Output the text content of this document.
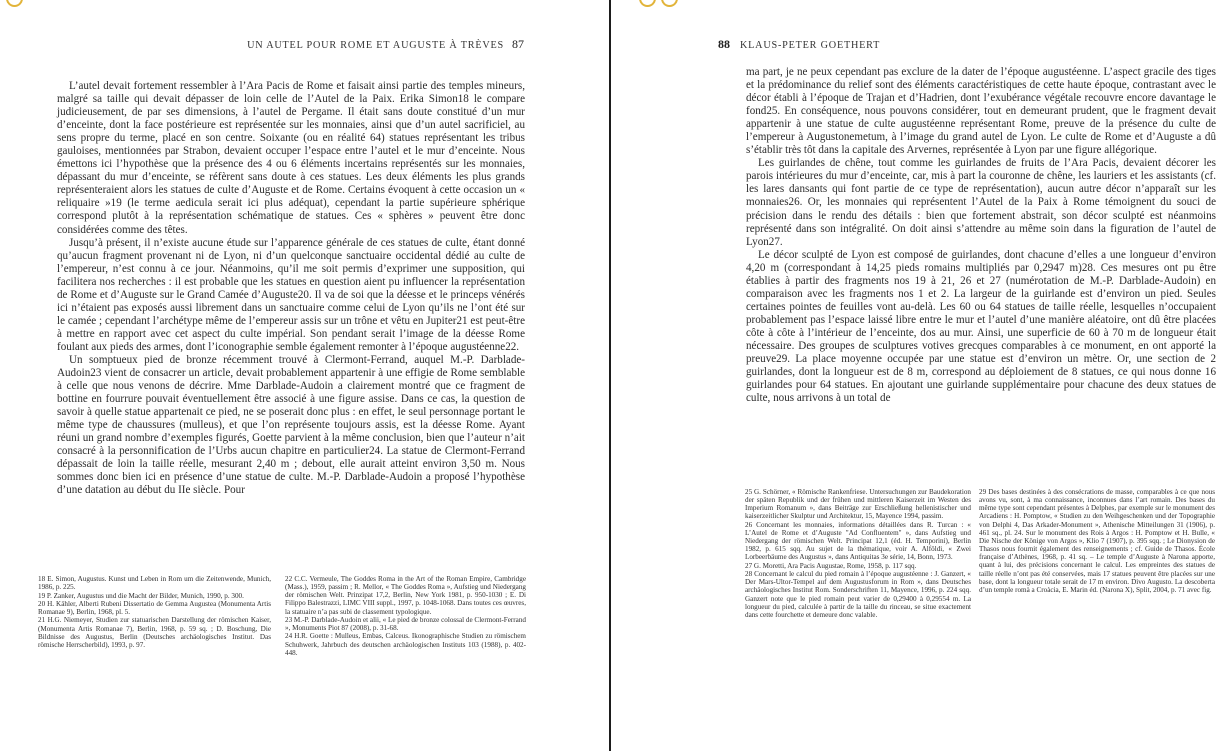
UN AUTEL POUR ROME ET AUGUSTE À TRÈVES 87

L’autel devait fortement ressembler à l’Ara Pacis de Rome et faisait ainsi partie des temples mineurs, malgré sa taille qui devait dépasser de loin celle de l’Autel de la Paix. Erika Simon18 le compare judicieusement, de par ses dimensions, à l’autel de Pergame. Il était sans doute constitué d’un mur d’enceinte, dont la face postérieure est représentée sur les monnaies, ainsi que d’un autel sacrificiel, au sens propre du terme, placé en son centre. Soixante (ou en réalité 64) statues représentant les tribus gauloises, mentionnées par Strabon, devaient occuper l’espace entre l’autel et le mur d’enceinte. Nous émettons ici l’hypothèse que la présence des 4 ou 6 éléments incertains représentés sur les monnaies, dépassant du mur d’enceinte, se réfèrent sans doute à ces statues. Les deux éléments les plus grands représenteraient alors les statues de culte d’Auguste et de Rome. Certains évoquent à cette occasion un « reliquaire »19 (le terme aedicula serait ici plus adéquat), cependant la partie supérieure sphérique correspond plutôt à la représentation schématique de statues. Ces « sphères » peuvent être donc considérées comme des têtes.

Jusqu’à présent, il n’existe aucune étude sur l’apparence générale de ces statues de culte, étant donné qu’aucun fragment provenant ni de Lyon, ni d’un quelconque sanctuaire occidental dédié au culte de l’empereur, n’est connu à ce jour. Néanmoins, qu’il me soit permis d’exprimer une supposition, qui facilitera nos recherches : il est probable que les statues en question aient pu influencer la représentation de Rome et d’Auguste sur le Grand Camée d’Auguste20. Il va de soi que la déesse et le princeps vénérés ici n’étaient pas exposés aussi librement dans un sanctuaire comme celui de Lyon qu’ils ne l’ont été sur le camée ; cependant l’archétype même de l’empereur assis sur un trône et vêtu en Jupiter21 est peut-être à mettre en rapport avec cet aspect du culte impérial. Son pendant serait l’image de la déesse Rome foulant aux pieds des armes, dont l’iconographie semble également remonter à l’époque augustéenne22.

Un somptueux pied de bronze récemment trouvé à Clermont-Ferrand, auquel M.-P. Darblade-Audoin23 vient de consacrer un article, devait probablement appartenir à une effigie de Rome semblable à celle que nous venons de décrire. Mme Darblade-Audoin a clairement montré que ce fragment de bottine en fourrure pouvait éventuellement être associé à une figure assise. Dans ce cas, la question de savoir à quelle statue appartenait ce pied, ne se poserait donc plus : en effet, le seul personnage portant le même type de chaussures (mulleus), et que l’on représente toujours assis, est la déesse Rome. Ayant réuni un grand nombre d’exemples figurés, Goette parvient à la même conclusion, bien que l’auteur n’ait consacré à la personnification de l’Urbs aucun chapitre en particulier24. La statue de Clermont-Ferrand dépassait de loin la taille réelle, mesurant 2,40 m ; debout, elle aurait atteint environ 3,50 m. Nous sommes donc bien ici en présence d’une statue de culte. M.-P. Darblade-Audoin a proposé l’hypothèse d’une datation au début du IIe siècle. Pour

18 E. Simon, Augustus. Kunst und Leben in Rom um die Zeitenwende, Munich, 1986, p. 225.

19 P. Zanker, Augustus und die Macht der Bilder, Munich, 1990, p. 300.

20 H. Kähler, Alberti Rubeni Dissertatio de Gemma Augustea (Monumenta Artis Romanae 9), Berlin, 1968, pl. 5.

21 H.G. Niemeyer, Studien zur statuarischen Darstellung der römischen Kaiser, (Monumenta Artis Romanae 7), Berlin, 1968, p. 59 sq. ; D. Boschung, Die Bildnisse des Augustus, Berlin (Deutsches archäologisches Institut. Das römische Herrscherbild), 1993, p. 97.

22 C.C. Vermeule, The Goddes Roma in the Art of the Roman Empire, Cambridge (Mass.), 1959, passim ; R. Mellor, « The Goddes Roma », Aufstieg und Niedergang der römischen Welt. Prinzipat 17,2, Berlin, New York 1981, p. 950-1030 ; E. Di Filippo Balestrazzi, LIMC VIII suppl., 1997, p. 1048-1068. Dans toutes ces œuvres, la statuaire n’a pas subi de classement typologique.

23 M.-P. Darblade-Audoin et alii, « Le pied de bronze colossal de Clermont-Ferrand », Monuments Piot 87 (2008), p. 31-68.

24 H.R. Goette : Mulleus, Embas, Calceus. Ikonographische Studien zu römischem Schuhwerk, Jahrbuch des deutschen archäologischen Instituts 103 (1988), p. 402-448.

88 KLAUS-PETER GOETHERT

ma part, je ne peux cependant pas exclure de la dater de l’époque augustéenne. L’aspect gracile des tiges et la prédominance du relief sont des éléments caractéristiques de cette haute époque, contrastant avec le décor établi à l’époque de Trajan et d’Hadrien, dont l’exubérance végétale recouvre encore davantage le fond25. En conséquence, nous pouvons considérer, tout en demeurant prudent, que le fragment devait appartenir à une statue de culte augustéenne représentant Rome, preuve de la présence du culte de l’empereur à Augustonemetum, à l’image du grand autel de Lyon. Le culte de Rome et d’Auguste a dû s’établir très tôt dans la capitale des Arvernes, représentée à Lyon par une figure allégorique.

Les guirlandes de chêne, tout comme les guirlandes de fruits de l’Ara Pacis, devaient décorer les parois intérieures du mur d’enceinte, car, mis à part la couronne de chêne, les lauriers et les assistants (cf. les lares dansants qui font partie de ce type de représentation), aucun autre décor n’apparaît sur les monnaies26. Or, les monnaies qui représentent l’Autel de la Paix à Rome témoignent du souci de précision dans le rendu des détails : bien que fortement abstrait, son décor sculpté est néanmoins représenté dans son intégralité. On doit ainsi s’attendre au même soin dans la figuration de l’autel de Lyon27.

Le décor sculpté de Lyon est composé de guirlandes, dont chacune d’elles a une longueur d’environ 4,20 m (correspondant à 14,25 pieds romains multipliés par 0,2947 m)28. Ces mesures ont pu être établies à partir des fragments nos 19 à 21, 26 et 27 (numérotation de M.-P. Darblade-Audoin) en comparaison avec les fragments nos 1 et 2. La largeur de la guirlande est d’environ un pied. Seules certaines pointes de feuilles vont au-delà. Les 60 ou 64 statues de taille réelle, lesquelles n’occupaient probablement pas l’espace laissé libre entre le mur et l’autel d’une manière aléatoire, ont dû être placées côte à côte à l’intérieur de l’enceinte, dos au mur. Ainsi, une superficie de 60 à 70 m de longueur était nécessaire. Des groupes de sculptures votives grecques comparables à ce monument, en ont apporté la preuve29. La place moyenne occupée par une statue est d’environ un mètre. Or, une section de 2 guirlandes, dont la longueur est de 8 m, correspond au déploiement de 8 statues, ce qui nous donne 16 guirlandes pour 64 statues. En ajoutant une guirlande supplémentaire pour chacune des deux statues de culte, nous arrivons à un total de

25 G. Schörner, « Römische Rankenfriese. Untersuchungen zur Baudekoration der späten Republik und der frühen und mittleren Kaiserzeit im Westen des Imperium Romanum », dans Beiträge zur Erschließung hellenistischer und kaiserzeitlicher Skulptur und Architektur, 15, Mayence 1994, passim.

26 Concernant les monnaies, informations détaillées dans R. Turcan : « L’Autel de Rome et d’Auguste "Ad Confluentem" », dans Aufstieg und Niedergang der römischen Welt. Principat 12,1 (éd. H. Temporini), Berlin 1982, p. 615 sqq. Au sujet de la thématique, voir A. Alföldi, « Zwei Lorbeerbäume des Augustus », dans Antiquitas 3e série, 14, Bonn, 1973.

27 G. Moretti, Ara Pacis Augustae, Rome, 1958, p. 117 sqq.

28 Concernant le calcul du pied romain à l’époque augustéenne : J. Ganzert, « Der Mars-Ultor-Tempel auf dem Augustusforum in Rom », dans Deutsches archäologisches Institut Rom. Sonderschriften 11, Mayence, 1996, p. 224 sqq. Ganzert note que le pied romain peut varier de 0,29400 à 0,29554 m. La longueur du pied, calculée à partir de la taille du rinceau, se situe exactement dans cette fourchette et demeure donc valable.

29 Des bases destinées à des consécrations de masse, comparables à ce que nous avons vu, sont, à ma connaissance, inconnues dans l’art romain. Des bases du même type sont cependant présentes à Delphes, par exemple sur le monument des Arcadiens : H. Pomptow, « Studien zu den Weihgeschenken und der Topographie von Delphi 4, Das Arkader-Monument », Athenische Mitteilungen 31 (1906), p. 461 sq., pl. 24. Sur le monument des Rois à Argos : H. Pomptow et H. Bulle, « Die Nische der Könige von Argos », Klio 7 (1907), p. 395 sqq. ; Le Dionysion de Thasos nous fournit également des renseignements ; cf. Guide de Thasos. École française d’Athènes, 1968, p. 41 sq. – Le temple d’Auguste à Narona apporte, quant à lui, des précisions concernant le calcul. Les empreintes des statues de taille réelle n’ont pas été conservées, mais 17 statues peuvent être placées sur une base, dont la longueur totale serait de 17 m environ. Divo Augusto. La descoberta d’un temple romà a Croàcia, E. Marin éd. (Narona X), Split, 2004, p. 71 avec fig.
